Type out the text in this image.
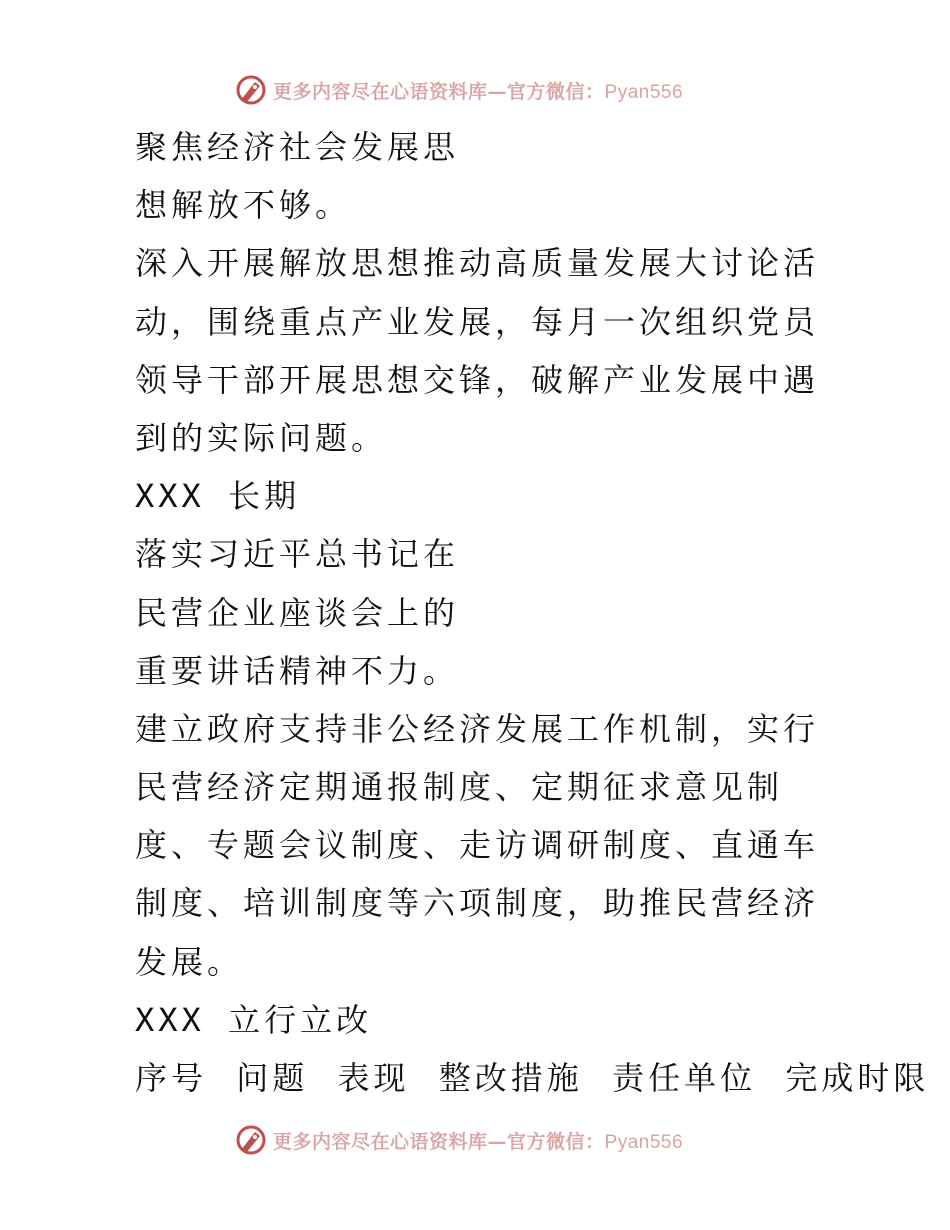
更多内容尽在心语资料库—官方微信：Pyan556
聚焦经济社会发展思
想解放不够。
深入开展解放思想推动高质量发展大讨论活
动，围绕重点产业发展，每月一次组织党员
领导干部开展思想交锋，破解产业发展中遇
到的实际问题。
XXX 长期
落实习近平总书记在
民营企业座谈会上的
重要讲话精神不力。
建立政府支持非公经济发展工作机制，实行
民营经济定期通报制度、定期征求意见制
度、专题会议制度、走访调研制度、直通车
制度、培训制度等六项制度，助推民营经济
发展。
XXX 立行立改
序号 问题 表现 整改措施 责任单位 完成时限
更多内容尽在心语资料库—官方微信：Pyan556
